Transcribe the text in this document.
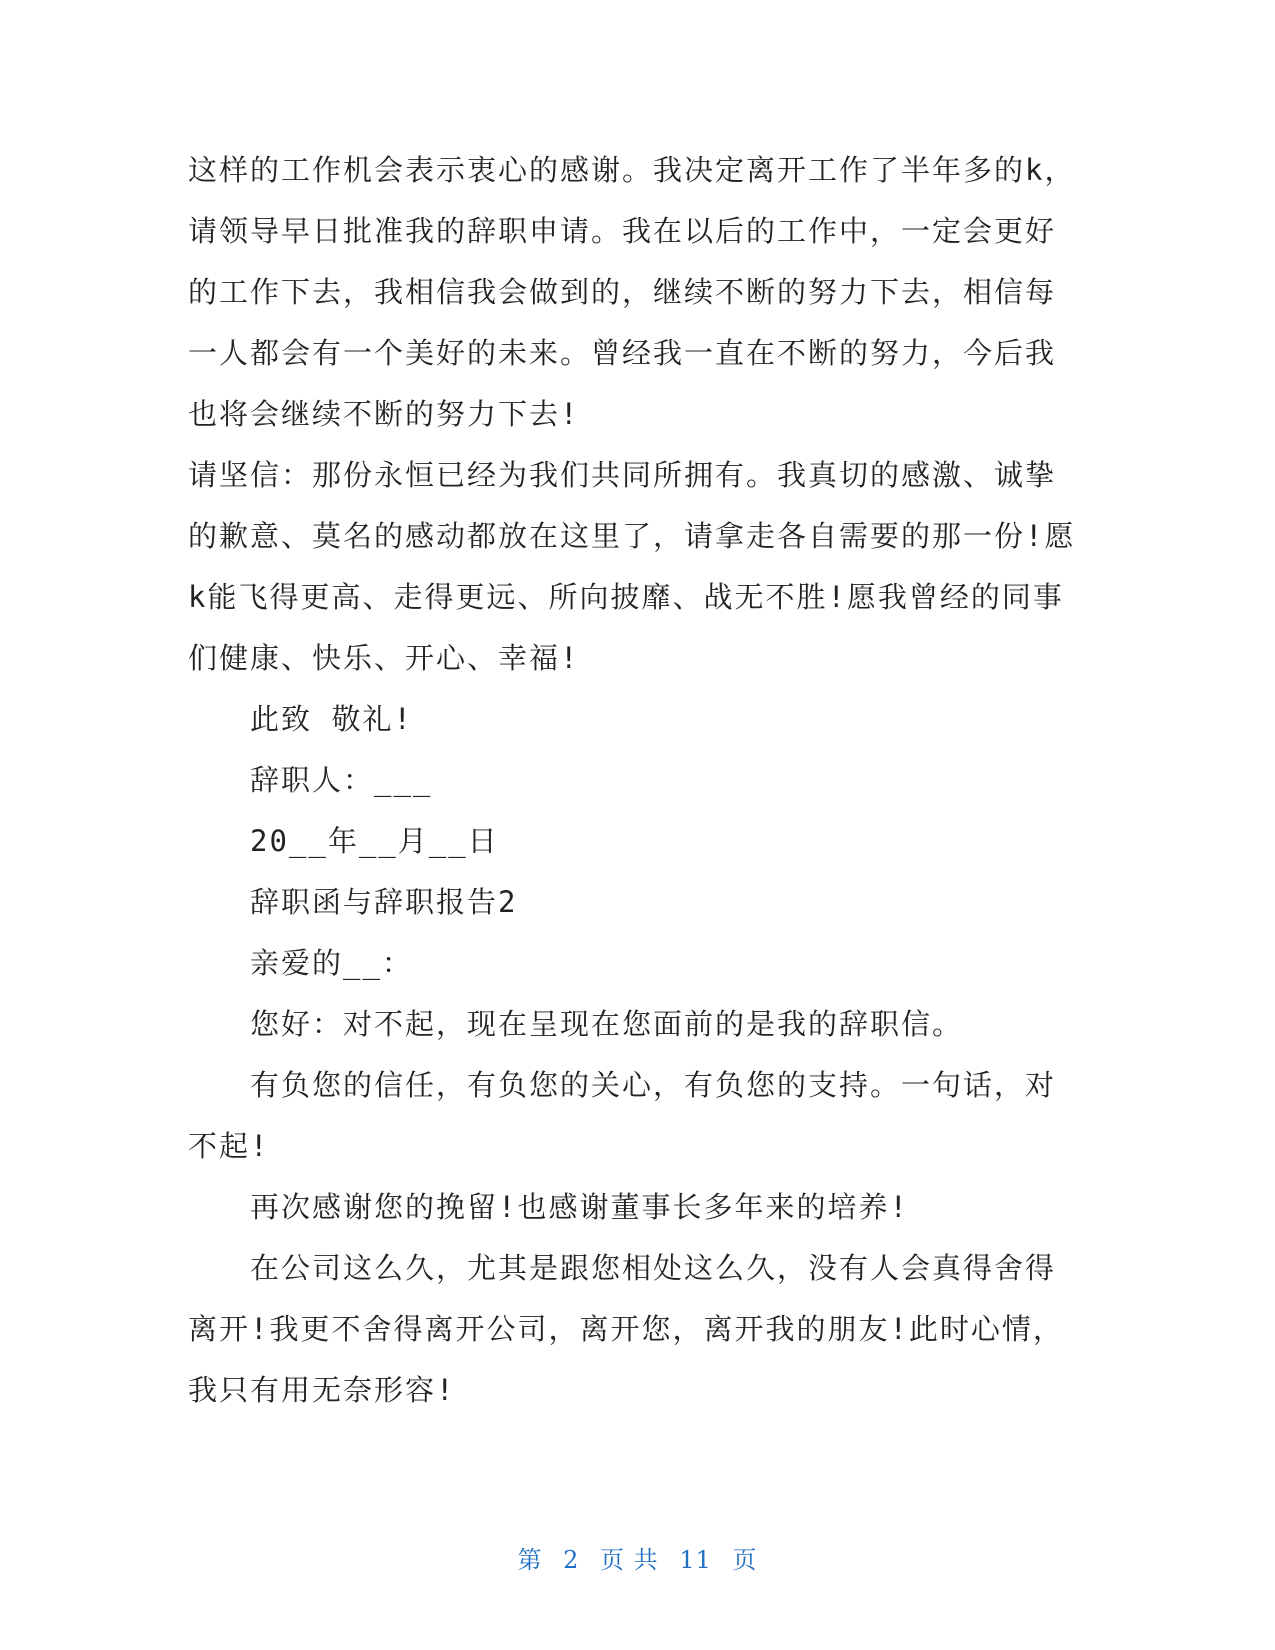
这样的工作机会表示衷心的感谢。我决定离开工作了半年多的k，
请领导早日批准我的辞职申请。我在以后的工作中，一定会更好
的工作下去，我相信我会做到的，继续不断的努力下去，相信每
一人都会有一个美好的未来。曾经我一直在不断的努力，今后我
也将会继续不断的努力下去!
请坚信：那份永恒已经为我们共同所拥有。我真切的感激、诚挚
的歉意、莫名的感动都放在这里了，请拿走各自需要的那一份!愿
k能飞得更高、走得更远、所向披靡、战无不胜!愿我曾经的同事
们健康、快乐、开心、幸福!
此致 敬礼!
辞职人：___
20__年__月__日
辞职函与辞职报告2
亲爱的__：
您好：对不起，现在呈现在您面前的是我的辞职信。
有负您的信任，有负您的关心，有负您的支持。一句话，对
不起!
再次感谢您的挽留!也感谢董事长多年来的培养!
在公司这么久，尤其是跟您相处这么久，没有人会真得舍得
离开!我更不舍得离开公司，离开您，离开我的朋友!此时心情，
我只有用无奈形容!
第 2 页 共 11 页
